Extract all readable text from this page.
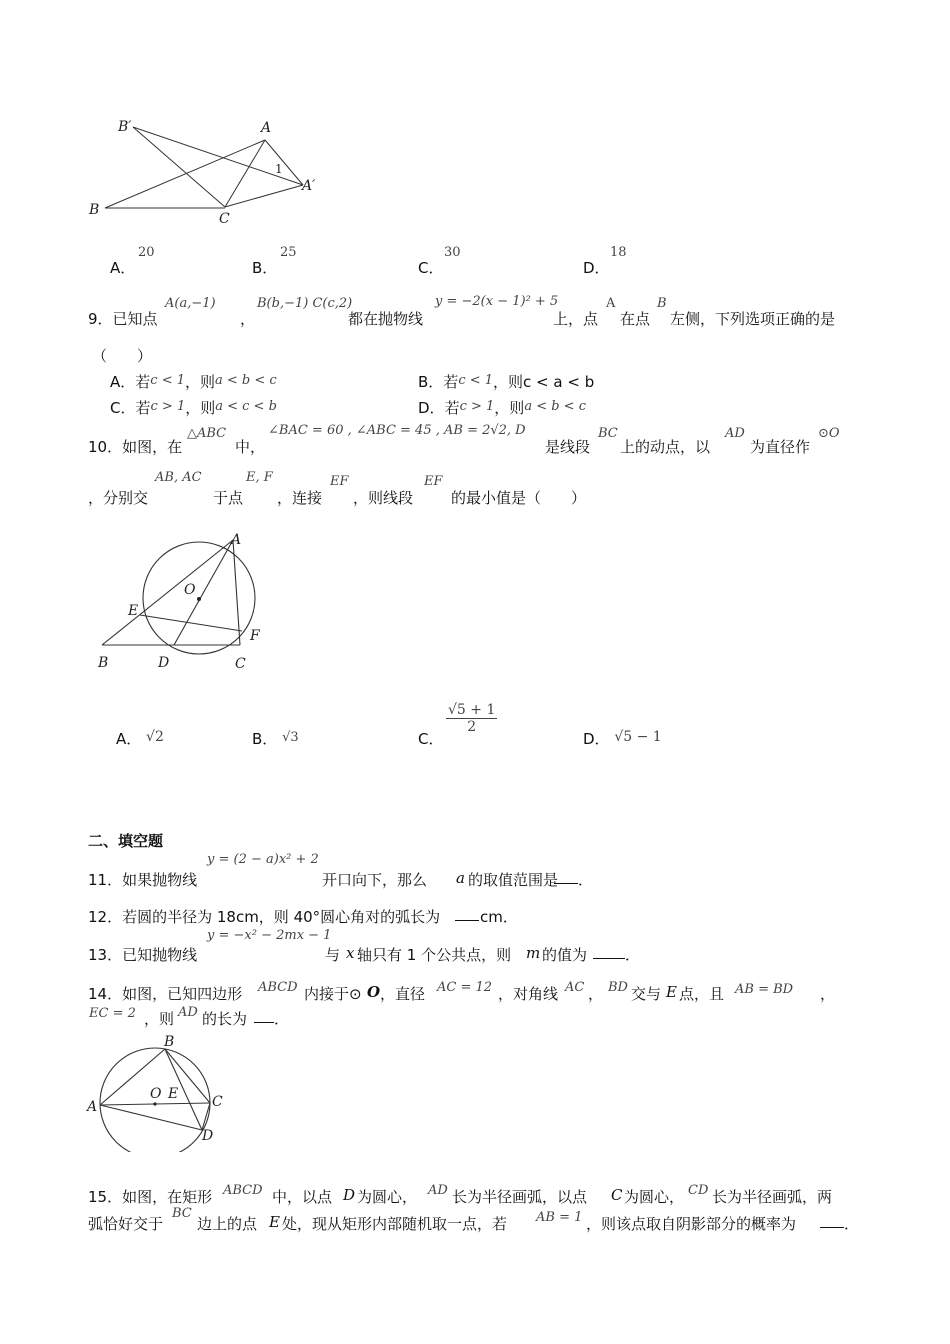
B′	A
1
A′
B
C
A．
20
B．
25
C．
30
D．
18
9．已知点
A(a,−1)
，
B(b,−1) C(c,2)
都在抛物线
y = −2(x − 1)² + 5
上，点
A
在点
B
左侧，下列选项正确的是
（　　）
A．若c < 1，则a < b < c	B．若c < 1，则c < a < b
C．若c > 1，则a < c < b	D．若c > 1，则a < b < c
10．如图，在
△ABC
中，
∠BAC = 60 , ∠ABC = 45 , AB = 2√2, D
是线段
BC
上的动点，以
AD
为直径作
⊙O
，分别交
AB, AC
于点
E, F
，连接
EF
，则线段
EF
的最小值是（　　）
A
O
E
F
B	D	C
A． √2	B． √3	C．
$\frac{√5 + 1}{2}$
D． √5 − 1
二、填空题
11．如果抛物线
y = (2 − a)x² + 2
开口向下，那么 a 的取值范围是 ．
12．若圆的半径为 18cm，则 40°圆心角对的弧长为	cm．
13．已知抛物线
y = −x² − 2mx − 1
与 x 轴只有 1 个公共点，则 m 的值为	．
14．如图，已知四边形 ABCD 内接于⊙ O ，直径 AC = 12 ，对角线 AC ， BD 交与 E 点，且 AB = BD ，
EC = 2 ，则 AD 的长为 ．
B
A
O E C
D
15．如图，在矩形 ABCD 中，以点 D 为圆心， AD 长为半径画弧，以点 C 为圆心， CD 长为半径画弧，两
弧恰好交于
BC
边上的点 E 处，现从矩形内部随机取一点，若 AB = 1 ，则该点取自阴影部分的概率为	．
